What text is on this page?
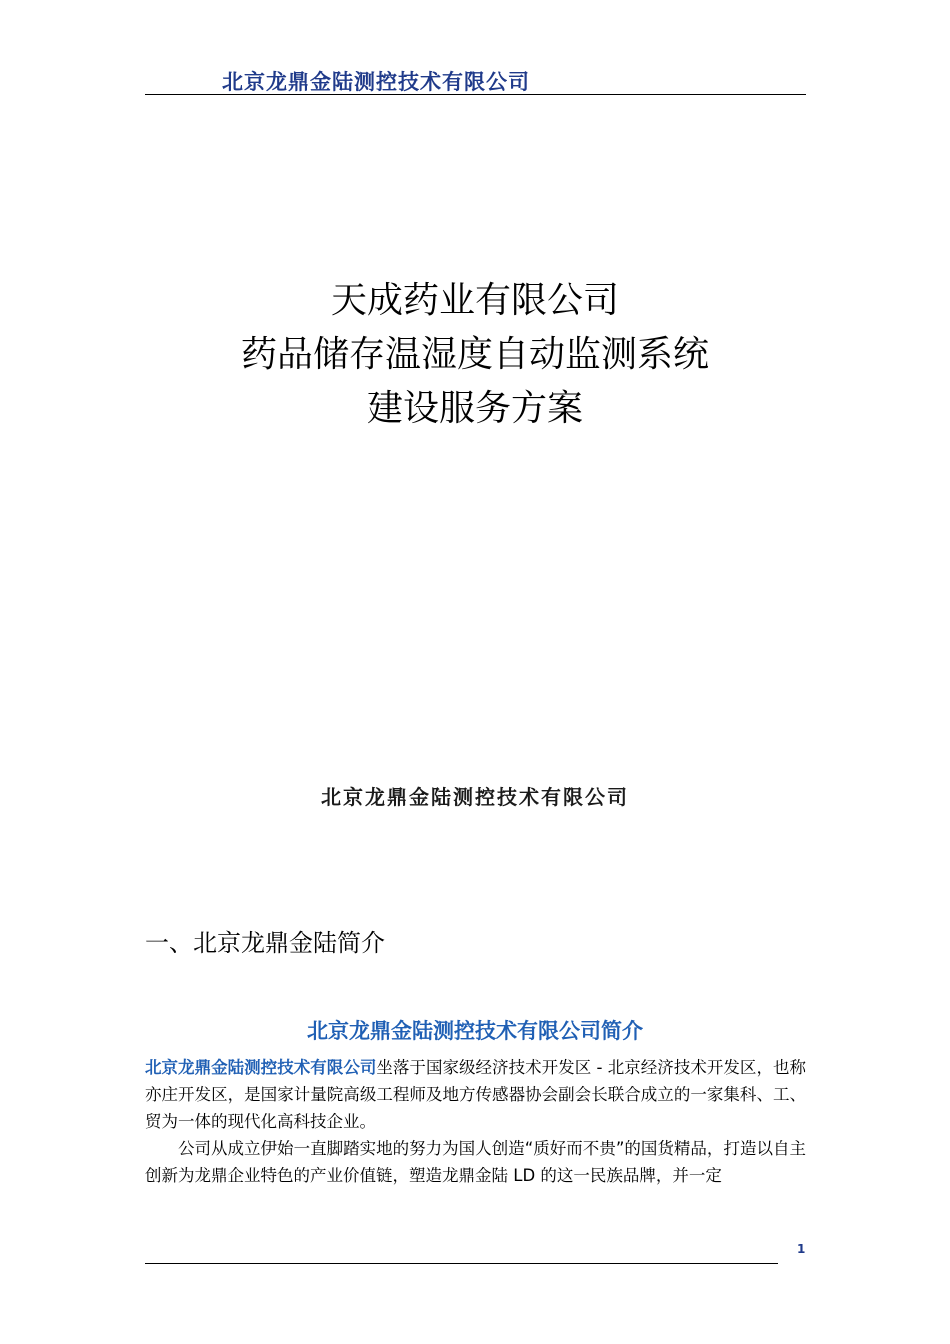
北京龙鼎金陆测控技术有限公司
天成药业有限公司
药品储存温湿度自动监测系统
建设服务方案
北京龙鼎金陆测控技术有限公司
一、北京龙鼎金陆简介
北京龙鼎金陆测控技术有限公司简介

北京龙鼎金陆测控技术有限公司坐落于国家级经济技术开发区 - 北京经济技术开发区，也称亦庄开发区，是国家计量院高级工程师及地方传感器协会副会长联合成立的一家集科、工、贸为一体的现代化高科技企业。

公司从成立伊始一直脚踏实地的努力为国人创造“质好而不贵”的国货精品，打造以自主创新为龙鼎企业特色的产业价值链，塑造龙鼎金陆 LD 的这一民族品牌，并一定

1
